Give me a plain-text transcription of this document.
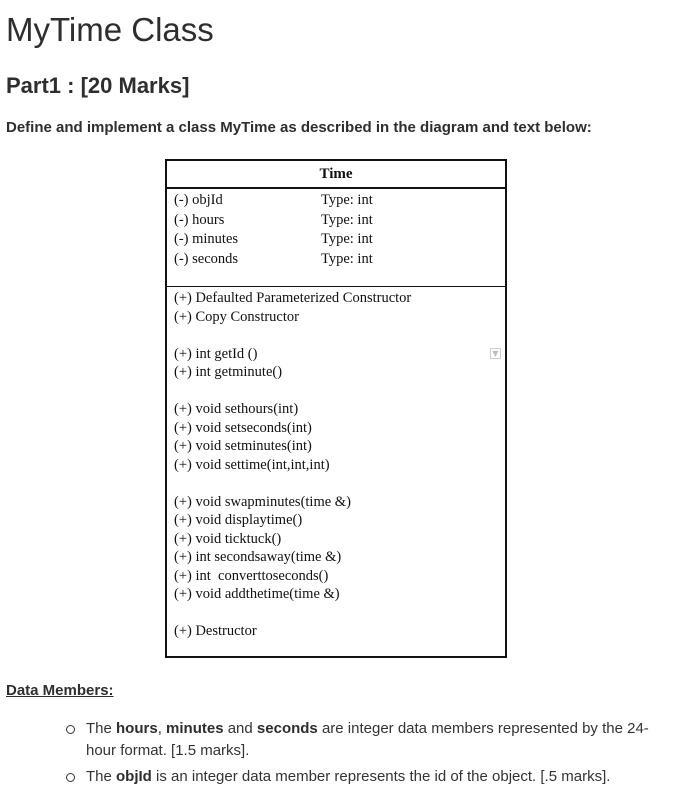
MyTime Class
Part1 : [20 Marks]

Define and implement a class MyTime as described in the diagram and text below:

Time
(-) objId	Type: int
(-) hours	Type: int
(-) minutes	Type: int
(-) seconds	Type: int
▼
(+) Defaulted Parameterized Constructor
(+) Copy Constructor
(+) int getId ()
(+) int getminute()
(+) void sethours(int)
(+) void setseconds(int)
(+) void setminutes(int)
(+) void settime(int,int,int)
(+) void swapminutes(time &)
(+) void displaytime()
(+) void ticktuck()
(+) int secondsaway(time &)
(+) int  converttoseconds()
(+) void addthetime(time &)
(+) Destructor

Data Members:

The hours, minutes and seconds are integer data members represented by the 24-hour format. [1.5 marks].
The objId is an integer data member represents the id of the object. [.5 marks].
